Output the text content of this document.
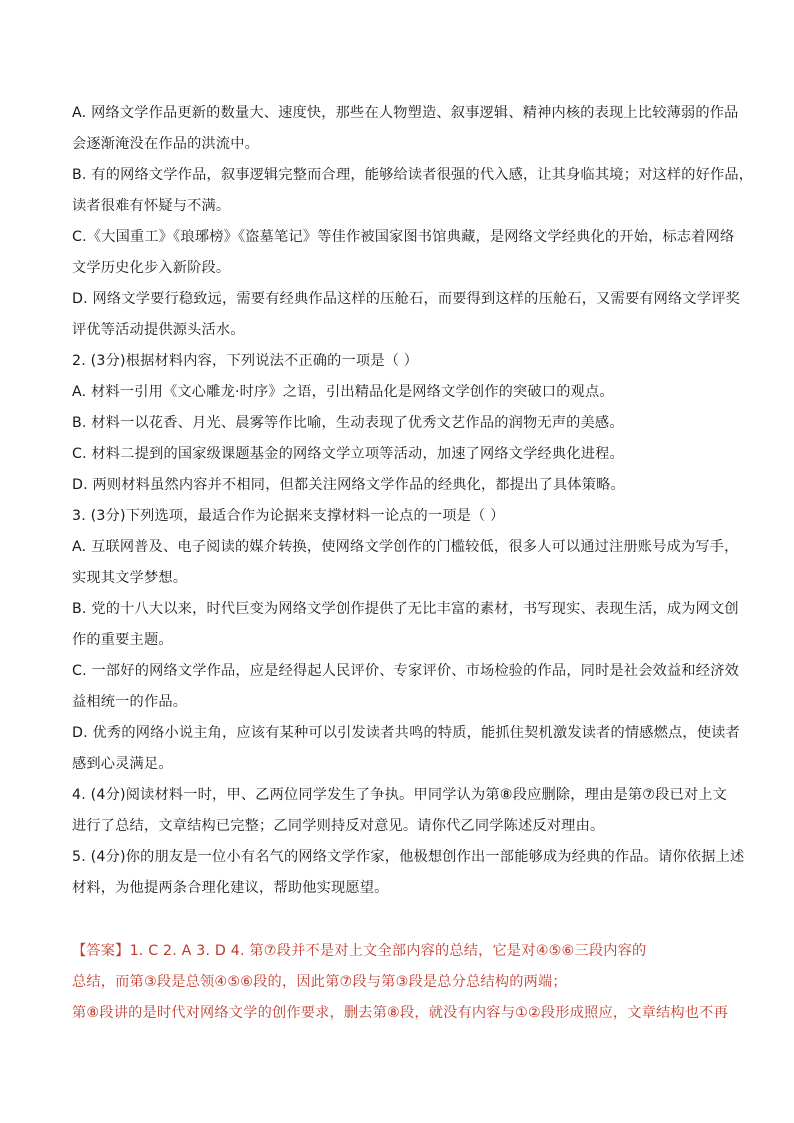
A. 网络文学作品更新的数量大、速度快，那些在人物塑造、叙事逻辑、精神内核的表现上比较薄弱的作品
会逐渐淹没在作品的洪流中。
B. 有的网络文学作品，叙事逻辑完整而合理，能够给读者很强的代入感，让其身临其境；对这样的好作品，
读者很难有怀疑与不满。
C.《大国重工》《琅琊榜》《盗墓笔记》等佳作被国家图书馆典藏，是网络文学经典化的开始，标志着网络
文学历史化步入新阶段。
D. 网络文学要行稳致远，需要有经典作品这样的压舱石，而要得到这样的压舱石，又需要有网络文学评奖
评优等活动提供源头活水。
2. (3分)根据材料内容，下列说法不正确的一项是（ ）
A. 材料一引用《文心雕龙·时序》之语，引出精品化是网络文学创作的突破口的观点。
B. 材料一以花香、月光、晨雾等作比喻，生动表现了优秀文艺作品的润物无声的美感。
C. 材料二提到的国家级课题基金的网络文学立项等活动，加速了网络文学经典化进程。
D. 两则材料虽然内容并不相同，但都关注网络文学作品的经典化，都提出了具体策略。
3. (3分)下列选项，最适合作为论据来支撑材料一论点的一项是（ ）
A. 互联网普及、电子阅读的媒介转换，使网络文学创作的门槛较低，很多人可以通过注册账号成为写手，
实现其文学梦想。
B. 党的十八大以来，时代巨变为网络文学创作提供了无比丰富的素材，书写现实、表现生活，成为网文创
作的重要主题。
C. 一部好的网络文学作品，应是经得起人民评价、专家评价、市场检验的作品，同时是社会效益和经济效
益相统一的作品。
D. 优秀的网络小说主角，应该有某种可以引发读者共鸣的特质，能抓住契机激发读者的情感燃点，使读者
感到心灵满足。
4. (4分)阅读材料一时，甲、乙两位同学发生了争执。甲同学认为第⑧段应删除，理由是第⑦段已对上文
进行了总结，文章结构已完整；乙同学则持反对意见。请你代乙同学陈述反对理由。
5. (4分)你的朋友是一位小有名气的网络文学作家，他极想创作出一部能够成为经典的作品。请你依据上述
材料，为他提两条合理化建议，帮助他实现愿望。
【答案】1. C 2. A 3. D 4. 第⑦段并不是对上文全部内容的总结，它是对④⑤⑥三段内容的
总结，而第③段是总领④⑤⑥段的，因此第⑦段与第③段是总分总结构的两端；
第⑧段讲的是时代对网络文学的创作要求，删去第⑧段，就没有内容与①②段形成照应，文章结构也不再
